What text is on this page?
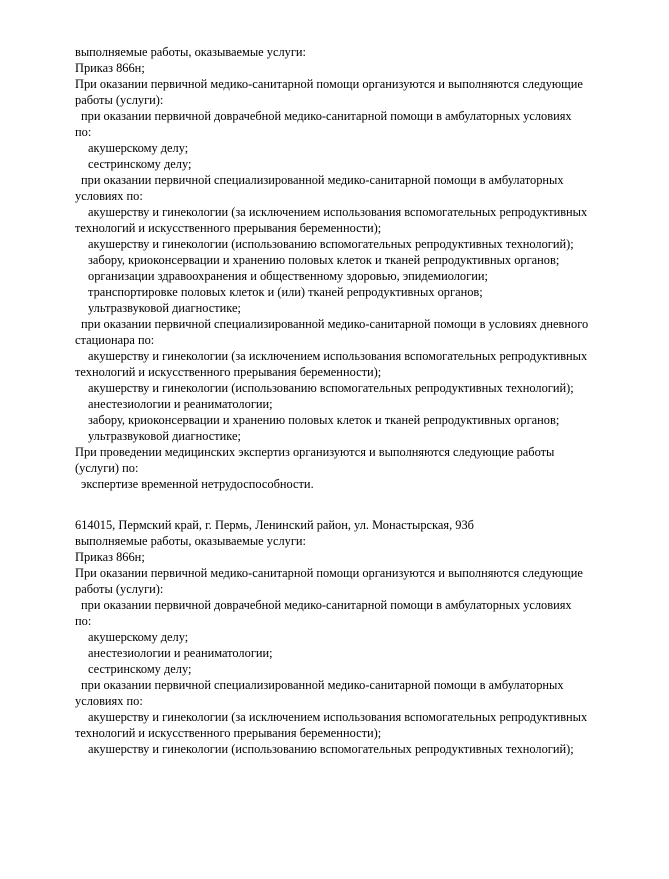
выполняемые работы, оказываемые услуги:
Приказ 866н;
При оказании первичной медико-санитарной помощи организуются и выполняются следующие
работы (услуги):
при оказании первичной доврачебной медико-санитарной помощи в амбулаторных условиях
по:
акушерскому делу;
сестринскому делу;
при оказании первичной специализированной медико-санитарной помощи в амбулаторных
условиях по:
акушерству и гинекологии (за исключением использования вспомогательных репродуктивных
технологий и искусственного прерывания беременности);
акушерству и гинекологии (использованию вспомогательных репродуктивных технологий);
забору, криоконсервации и хранению половых клеток и тканей репродуктивных органов;
организации здравоохранения и общественному здоровью, эпидемиологии;
транспортировке половых клеток и (или) тканей репродуктивных органов;
ультразвуковой диагностике;
при оказании первичной специализированной медико-санитарной помощи в условиях дневного
стационара по:
акушерству и гинекологии (за исключением использования вспомогательных репродуктивных
технологий и искусственного прерывания беременности);
акушерству и гинекологии (использованию вспомогательных репродуктивных технологий);
анестезиологии и реаниматологии;
забору, криоконсервации и хранению половых клеток и тканей репродуктивных органов;
ультразвуковой диагностике;
При проведении медицинских экспертиз организуются и выполняются следующие работы
(услуги) по:
экспертизе временной нетрудоспособности.
614015, Пермский край, г. Пермь, Ленинский район, ул. Монастырская, 93б
выполняемые работы, оказываемые услуги:
Приказ 866н;
При оказании первичной медико-санитарной помощи организуются и выполняются следующие
работы (услуги):
при оказании первичной доврачебной медико-санитарной помощи в амбулаторных условиях
по:
акушерскому делу;
анестезиологии и реаниматологии;
сестринскому делу;
при оказании первичной специализированной медико-санитарной помощи в амбулаторных
условиях по:
акушерству и гинекологии (за исключением использования вспомогательных репродуктивных
технологий и искусственного прерывания беременности);
акушерству и гинекологии (использованию вспомогательных репродуктивных технологий);
